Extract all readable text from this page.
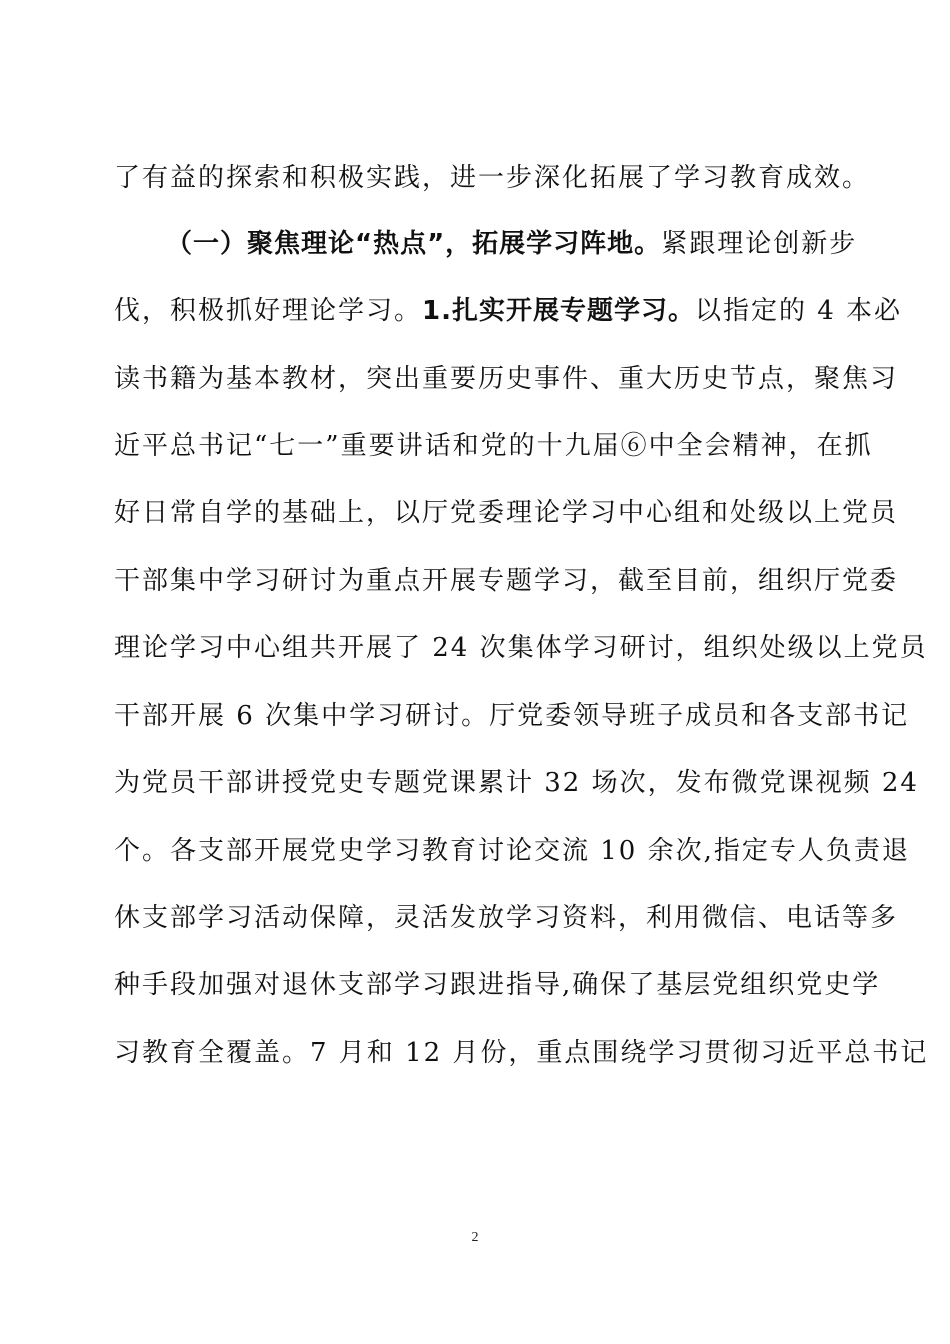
了有益的探索和积极实践，进一步深化拓展了学习教育成效。
（一）聚焦理论“热点”，拓展学习阵地。紧跟理论创新步
伐，积极抓好理论学习。1.扎实开展专题学习。以指定的 4 本必
读书籍为基本教材，突出重要历史事件、重大历史节点，聚焦习
近平总书记“七一”重要讲话和党的十九届⑥中全会精神，在抓
好日常自学的基础上，以厅党委理论学习中心组和处级以上党员
干部集中学习研讨为重点开展专题学习，截至目前，组织厅党委
理论学习中心组共开展了 24 次集体学习研讨，组织处级以上党员
干部开展 6 次集中学习研讨。厅党委领导班子成员和各支部书记
为党员干部讲授党史专题党课累计 32 场次，发布微党课视频 24
个。各支部开展党史学习教育讨论交流 10 余次,指定专人负责退
休支部学习活动保障，灵活发放学习资料，利用微信、电话等多
种手段加强对退休支部学习跟进指导,确保了基层党组织党史学
习教育全覆盖。7 月和 12 月份，重点围绕学习贯彻习近平总书记
2
